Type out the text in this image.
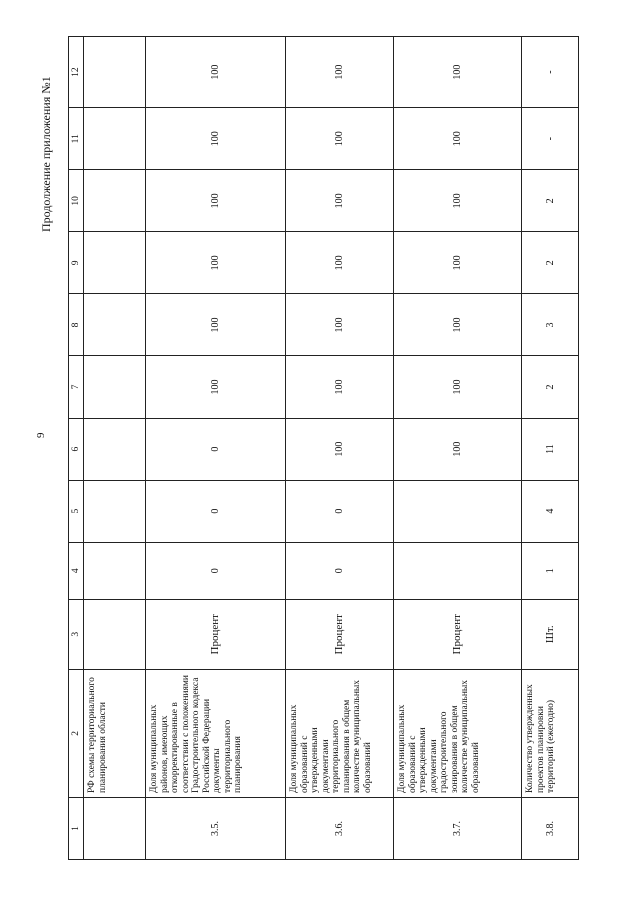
9
Продолжение приложения №1
1	2	3	4	5	6	7	8	9	10	11	12
	РФ схемы территориального планирования области										
3.5.	Доля муниципальных районов, имеющих откорректированные в соответствии с положениями Градостроительного кодекса Российской Федерации документы территориального планирования	Процент	0	0	0	100	100	100	100	100	100
3.6.	Доля муниципальных образований с утвержденными документами территориального планирования в общем количестве муниципальных образований	Процент	0	0	100	100	100	100	100	100	100
3.7.	Доля муниципальных образований с утвержденными документами градостроительного зонирования в общем количестве муниципальных образований	Процент			100	100	100	100	100	100	100
3.8.	Количество утвержденных проектов планировки территорий (ежегодно)	Шт.	1	4	11	2	3	2	2	-	-
